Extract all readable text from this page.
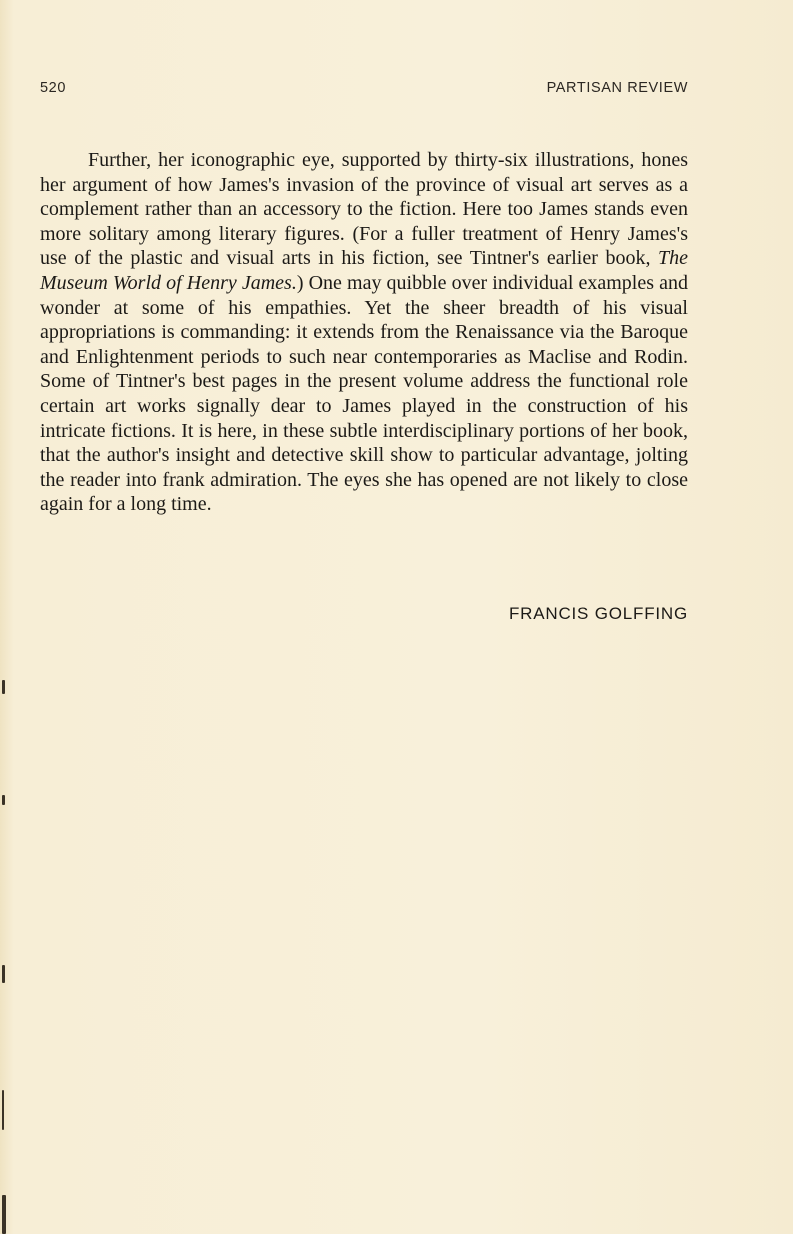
520	PARTISAN REVIEW

Further, her iconographic eye, supported by thirty-six illustrations, hones her argument of how James's invasion of the province of visual art serves as a complement rather than an accessory to the fiction. Here too James stands even more solitary among literary figures. (For a fuller treatment of Henry James's use of the plastic and visual arts in his fiction, see Tintner's earlier book, The Museum World of Henry James.) One may quibble over individual examples and wonder at some of his empathies. Yet the sheer breadth of his visual appropriations is commanding: it extends from the Renaissance via the Baroque and Enlightenment periods to such near contemporaries as Maclise and Rodin. Some of Tintner's best pages in the present volume address the functional role certain art works signally dear to James played in the construction of his intricate fictions. It is here, in these subtle interdisciplinary portions of her book, that the author's insight and detective skill show to particular advantage, jolting the reader into frank admiration. The eyes she has opened are not likely to close again for a long time.

FRANCIS GOLFFING
